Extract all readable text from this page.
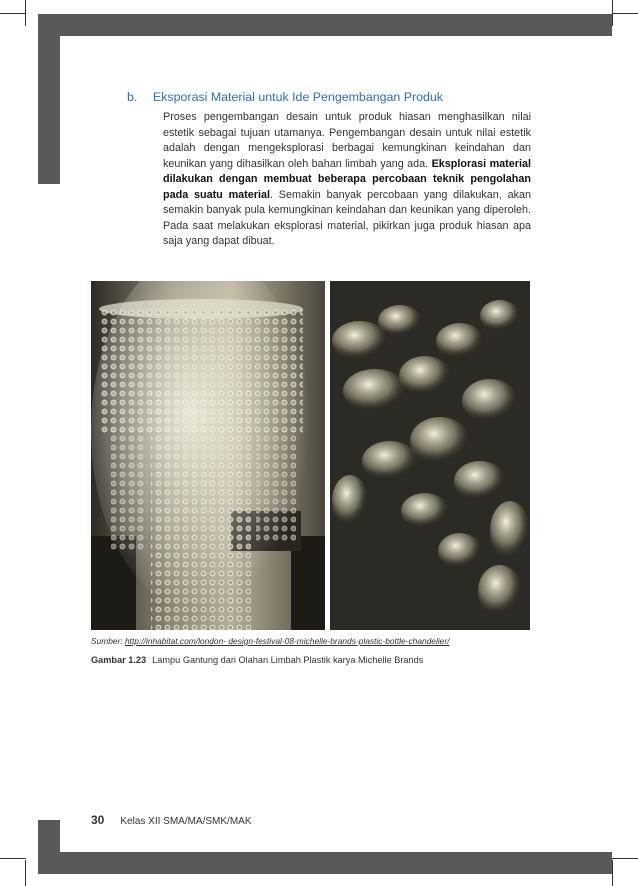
b. Eksporasi Material untuk Ide Pengembangan Produk

Proses pengembangan desain untuk produk hiasan menghasilkan nilai estetik sebagai tujuan utamanya. Pengembangan desain untuk nilai estetik adalah dengan mengeksplorasi berbagai kemungkinan keindahan dan keunikan yang dihasilkan oleh bahan limbah yang ada. Eksplorasi material dilakukan dengan membuat beberapa percobaan teknik pengolahan pada suatu material. Semakin banyak percobaan yang dilakukan, akan semakin banyak pula kemungkinan keindahan dan keunikan yang diperoleh. Pada saat melakukan eksplorasi material, pikirkan juga produk hiasan apa saja yang dapat dibuat.

Sumber: http://inhabitat.com/london- design-festival-08-michelle-brands-plastic-bottle-chandelier/
Gambar 1.23 Lampu Gantung dari Olahan Limbah Plastik karya Michelle Brands
30 Kelas XII SMA/MA/SMK/MAK
